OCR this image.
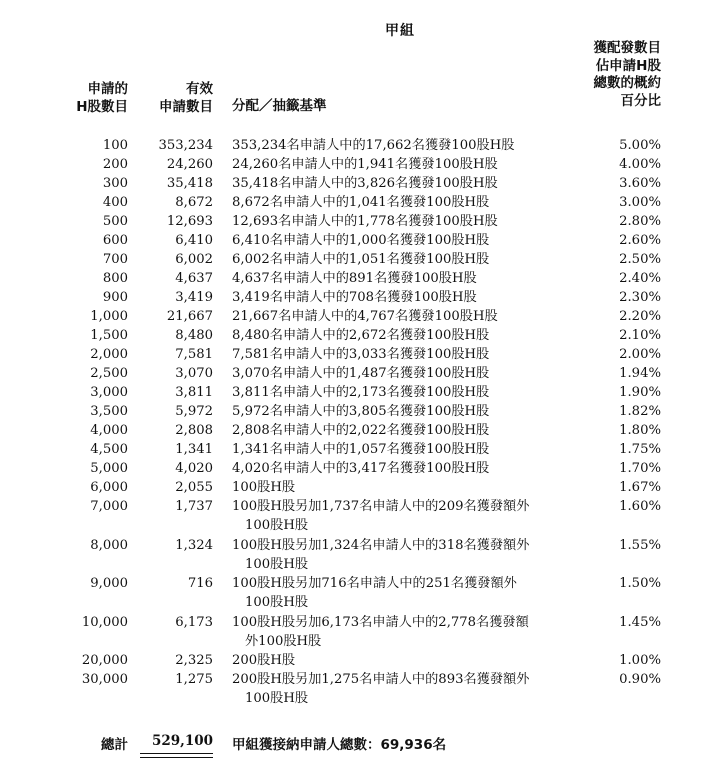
甲組
申請的
H股數目
有效
申請數目 分配／抽籤基準
獲配發數目
佔申請H股
總數的概約
百分比
100	353,234 353,234名申請人中的17,662名獲發100股H股	5.00%
200	24,260 24,260名申請人中的1,941名獲發100股H股	4.00%
300	35,418 35,418名申請人中的3,826名獲發100股H股	3.60%
400	8,672 8,672名申請人中的1,041名獲發100股H股	3.00%
500	12,693 12,693名申請人中的1,778名獲發100股H股	2.80%
600	6,410 6,410名申請人中的1,000名獲發100股H股	2.60%
700	6,002 6,002名申請人中的1,051名獲發100股H股	2.50%
800	4,637 4,637名申請人中的891名獲發100股H股	2.40%
900	3,419 3,419名申請人中的708名獲發100股H股	2.30%
1,000	21,667 21,667名申請人中的4,767名獲發100股H股	2.20%
1,500	8,480 8,480名申請人中的2,672名獲發100股H股	2.10%
2,000	7,581 7,581名申請人中的3,033名獲發100股H股	2.00%
2,500	3,070 3,070名申請人中的1,487名獲發100股H股	1.94%
3,000	3,811 3,811名申請人中的2,173名獲發100股H股	1.90%
3,500	5,972 5,972名申請人中的3,805名獲發100股H股	1.82%
4,000	2,808 2,808名申請人中的2,022名獲發100股H股	1.80%
4,500	1,341 1,341名申請人中的1,057名獲發100股H股	1.75%
5,000	4,020 4,020名申請人中的3,417名獲發100股H股	1.70%
6,000	2,055 100股H股	1.67%
7,000	1,737 100股H股另加1,737名申請人中的209名獲發額外
100股H股
1.60%
8,000	1,324 100股H股另加1,324名申請人中的318名獲發額外
100股H股
1.55%
9,000	716 100股H股另加716名申請人中的251名獲發額外
100股H股
1.50%
10,000	6,173 100股H股另加6,173名申請人中的2,778名獲發額
外100股H股
1.45%
20,000	2,325 200股H股	1.00%
30,000	1,275 200股H股另加1,275名申請人中的893名獲發額外
100股H股
0.90%
總計	529,100 甲組獲接納申請人總數：69,936名
